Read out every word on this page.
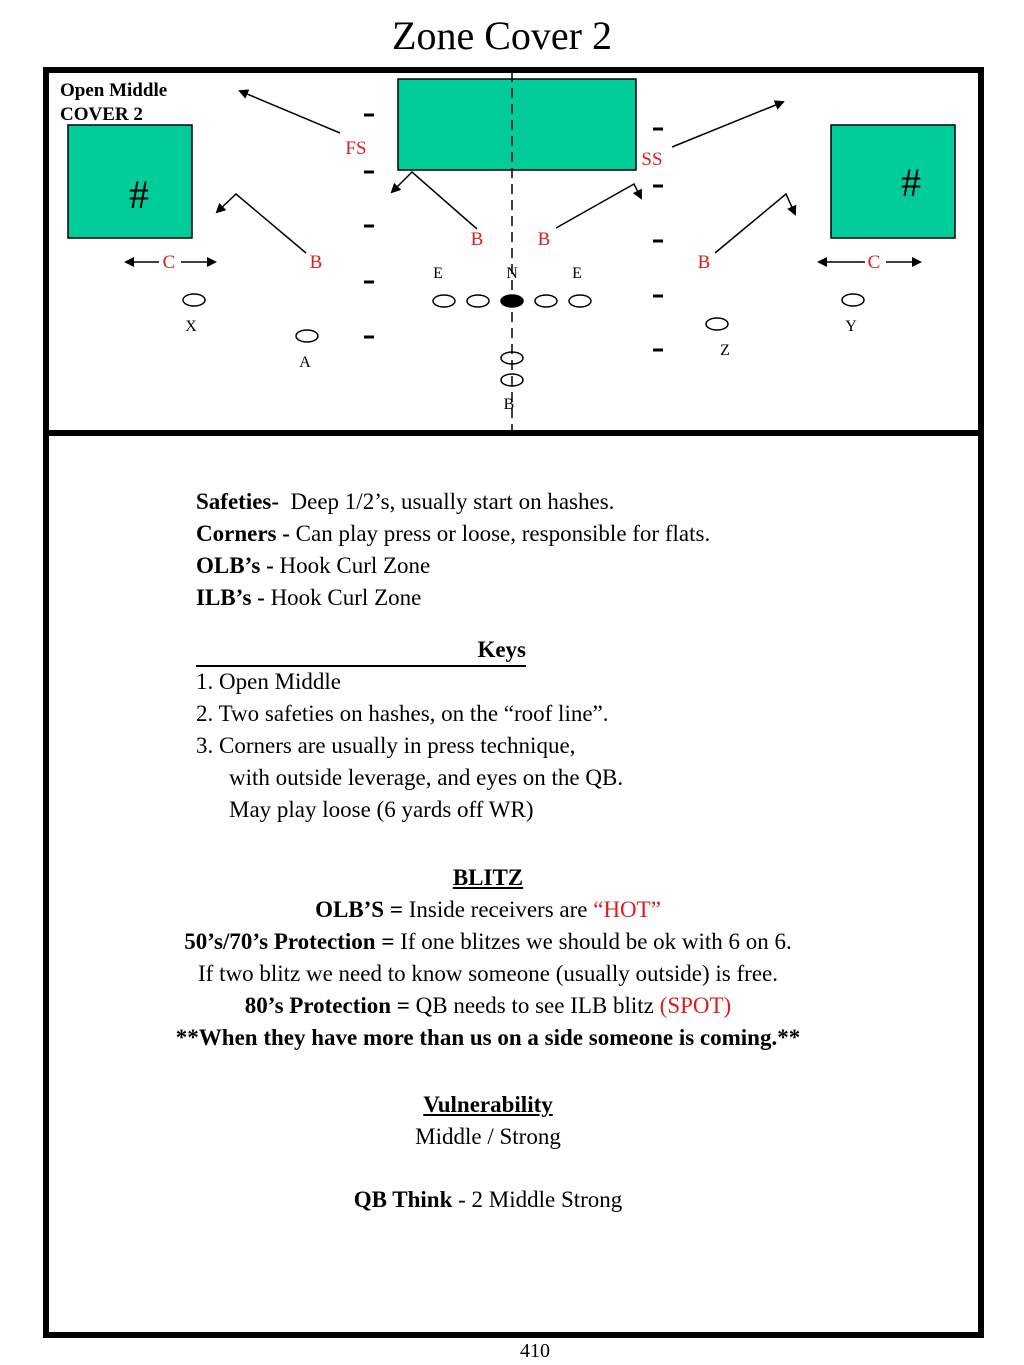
Zone Cover 2
Open Middle
COVER 2
#	#
FS
SS
B	B
B	B
C	C
E	N	E
X	Y
A
Z
B
Safeties- Deep 1/2’s, usually start on hashes.
Corners - Can play press or loose, responsible for flats.
OLB’s - Hook Curl Zone
ILB’s - Hook Curl Zone
Keys
1. Open Middle
2. Two safeties on hashes, on the “roof line”.
3. Corners are usually in press technique,
with outside leverage, and eyes on the QB.
May play loose (6 yards off WR)
BLITZ
OLB’S = Inside receivers are “HOT”
50’s/70’s Protection = If one blitzes we should be ok with 6 on 6.
If two blitz we need to know someone (usually outside) is free.
80’s Protection = QB needs to see ILB blitz (SPOT)
**When they have more than us on a side someone is coming.**
Vulnerability
Middle / Strong
QB Think - 2 Middle Strong
410
